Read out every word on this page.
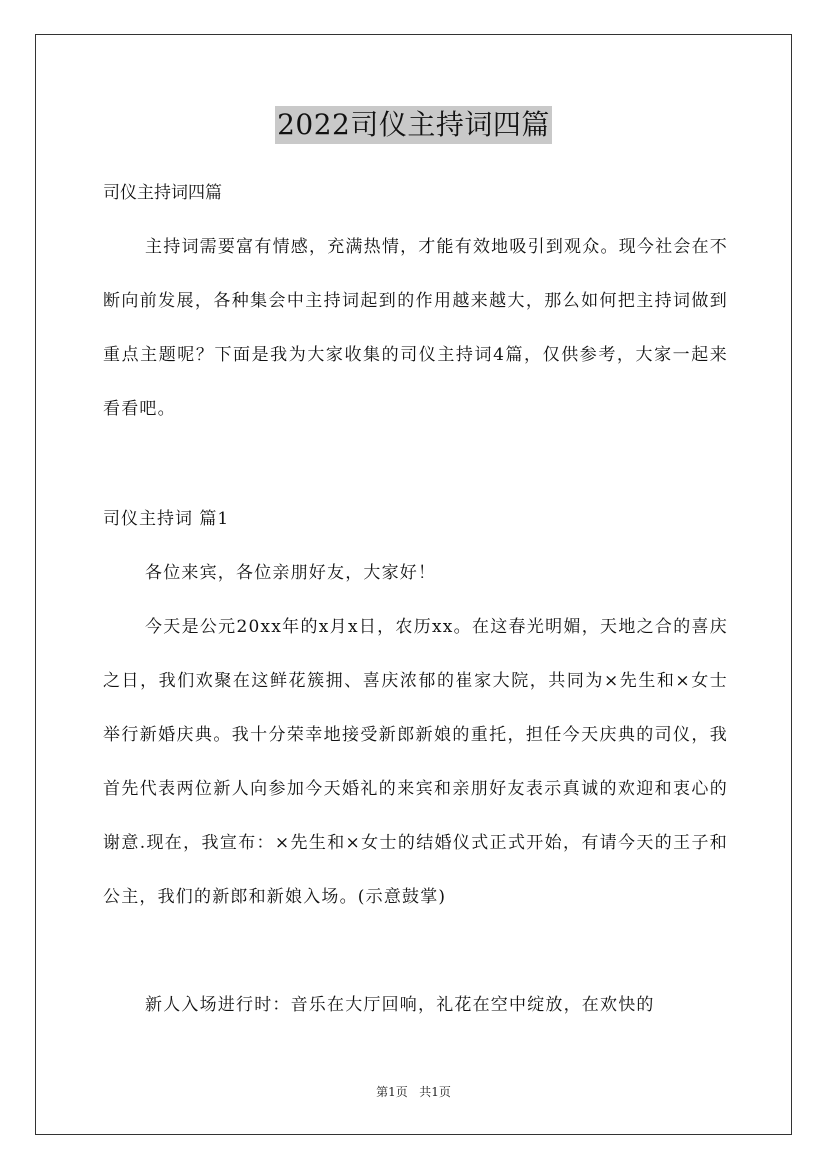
2022司仪主持词四篇

司仪主持词四篇

主持词需要富有情感，充满热情，才能有效地吸引到观众。现今社会在不断向前发展，各种集会中主持词起到的作用越来越大，那么如何把主持词做到重点主题呢？下面是我为大家收集的司仪主持词4篇，仅供参考，大家一起来看看吧。

司仪主持词 篇1

各位来宾，各位亲朋好友，大家好！

今天是公元20xx年的x月x日，农历xx。在这春光明媚，天地之合的喜庆之日，我们欢聚在这鲜花簇拥、喜庆浓郁的崔家大院，共同为×先生和×女士举行新婚庆典。我十分荣幸地接受新郎新娘的重托，担任今天庆典的司仪，我首先代表两位新人向参加今天婚礼的来宾和亲朋好友表示真诚的欢迎和衷心的谢意.现在，我宣布：×先生和×女士的结婚仪式正式开始，有请今天的王子和公主，我们的新郎和新娘入场。(示意鼓掌)

新人入场进行时：音乐在大厅回响，礼花在空中绽放，在欢快的

第1页 共1页
